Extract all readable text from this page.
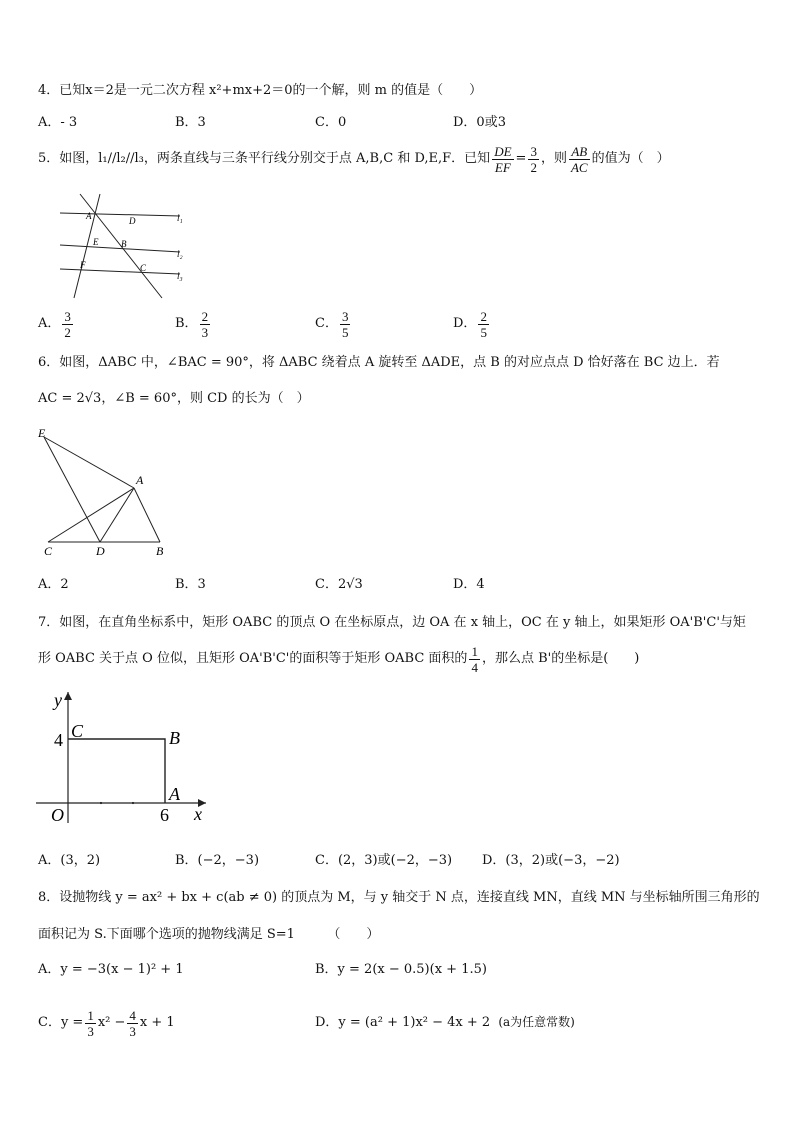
4．已知x＝2是一元二次方程 x²+mx+2＝0的一个解，则 m 的值是（　　）
A．- 3	B．3	C．0	D．0或3
5．如图，l₁//l₂//l₃，两条直线与三条平行线分别交于点 A,B,C 和 D,E,F．已知 $\frac{DE}{EF} = \frac{3}{2}$ ，则 $\frac{AB}{AC}$ 的值为（　）
A	D	l₁
E	B
l₂
F	C
l₃
A． $\frac{3}{2}$	B． $\frac{2}{3}$	C． $\frac{3}{5}$	D． $\frac{2}{5}$
6．如图，ΔABC 中，∠BAC = 90°，将 ΔABC 绕着点 A 旋转至 ΔADE，点 B 的对应点点 D 恰好落在 BC 边上．若
AC = 2√3，∠B = 60°，则 CD 的长为（　）
E
A
C	D	B
A．2	B．3	C．2√3	D．4
7．如图，在直角坐标系中，矩形 OABC 的顶点 O 在坐标原点，边 OA 在 x 轴上，OC 在 y 轴上，如果矩形 OA'B'C'与矩
形 OABC 关于点 O 位似，且矩形 OA'B'C'的面积等于矩形 OABC 面积的 $\frac{1}{4}$ ，那么点 B'的坐标是(　　)
y
C	B
4
O
A
6 x
A．(3，2)	B．(−2，−3)	C．(2，3)或(−2，−3) D．(3，2)或(−3，−2)
8．设抛物线 y = ax² + bx + c(ab ≠ 0) 的顶点为 M，与 y 轴交于 N 点，连接直线 MN，直线 MN 与坐标轴所围三角形的
面积记为 S.下面哪个选项的抛物线满足 S=1　　　（　　）
A．y = −3(x − 1)² + 1	B．y = 2(x − 0.5)(x + 1.5)
C．$y = \frac{1}{3} x^2 - \frac{4}{3}$ x + 1	D．y = (a² + 1)x² − 4x + 2 (a为任意常数)
